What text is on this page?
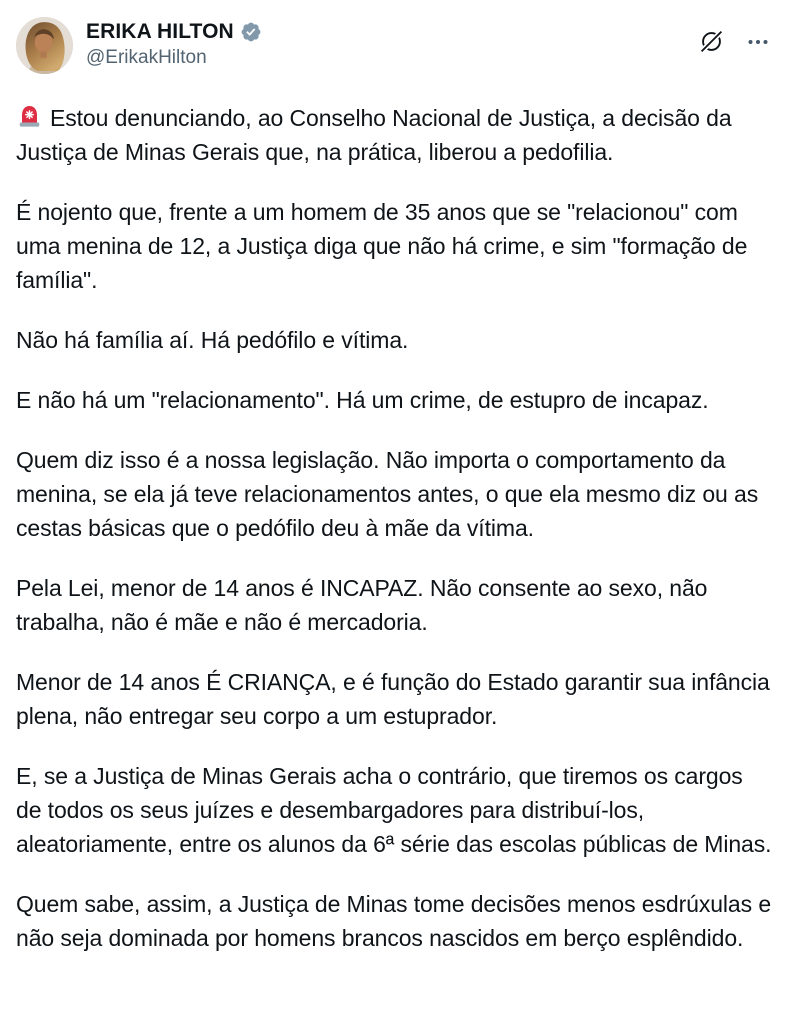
ERIKA HILTON
@ErikakHilton

Estou denunciando, ao Conselho Nacional de Justiça, a decisão da Justiça de Minas Gerais que, na prática, liberou a pedofilia.

É nojento que, frente a um homem de 35 anos que se "relacionou" com uma menina de 12, a Justiça diga que não há crime, e sim "formação de família".

Não há família aí. Há pedófilo e vítima.

E não há um "relacionamento". Há um crime, de estupro de incapaz.

Quem diz isso é a nossa legislação. Não importa o comportamento da menina, se ela já teve relacionamentos antes, o que ela mesmo diz ou as cestas básicas que o pedófilo deu à mãe da vítima.

Pela Lei, menor de 14 anos é INCAPAZ. Não consente ao sexo, não trabalha, não é mãe e não é mercadoria.

Menor de 14 anos É CRIANÇA, e é função do Estado garantir sua infância plena, não entregar seu corpo a um estuprador.

E, se a Justiça de Minas Gerais acha o contrário, que tiremos os cargos de todos os seus juízes e desembargadores para distribuí-los, aleatoriamente, entre os alunos da 6ª série das escolas públicas de Minas.

Quem sabe, assim, a Justiça de Minas tome decisões menos esdrúxulas e não seja dominada por homens brancos nascidos em berço esplêndido.
